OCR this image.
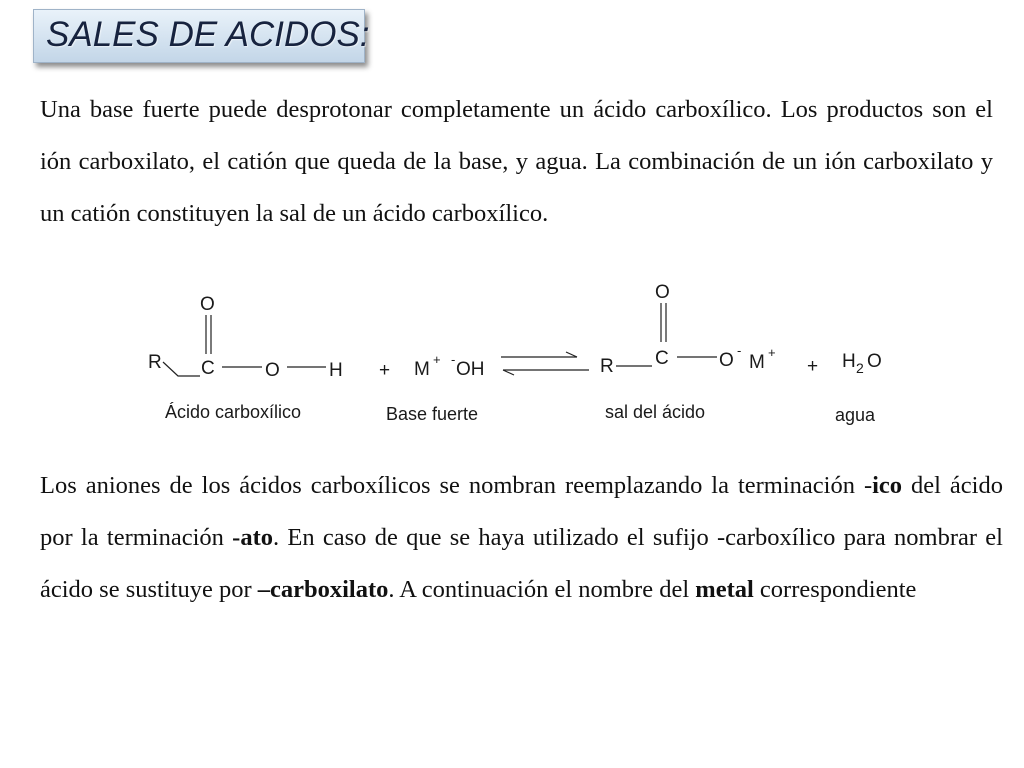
SALES DE ACIDOS:

Una base fuerte puede desprotonar completamente un ácido carboxílico. Los productos son el ión carboxilato, el catión que queda de la base, y agua. La combinación de un ión carboxilato y un catión constituyen la sal de un ácido carboxílico.

R
O
C	O	H
Ácido carboxílico
+ M + - OH
Base fuerte
R
O
C	O -
M +
sal del ácido
+ H 2 O
agua

Los aniones de los ácidos carboxílicos se nombran reemplazando la terminación -ico del ácido por la terminación -ato. En caso de que se haya utilizado el sufijo -carboxílico para nombrar el ácido se sustituye por –carboxilato. A continuación el nombre del metal correspondiente
